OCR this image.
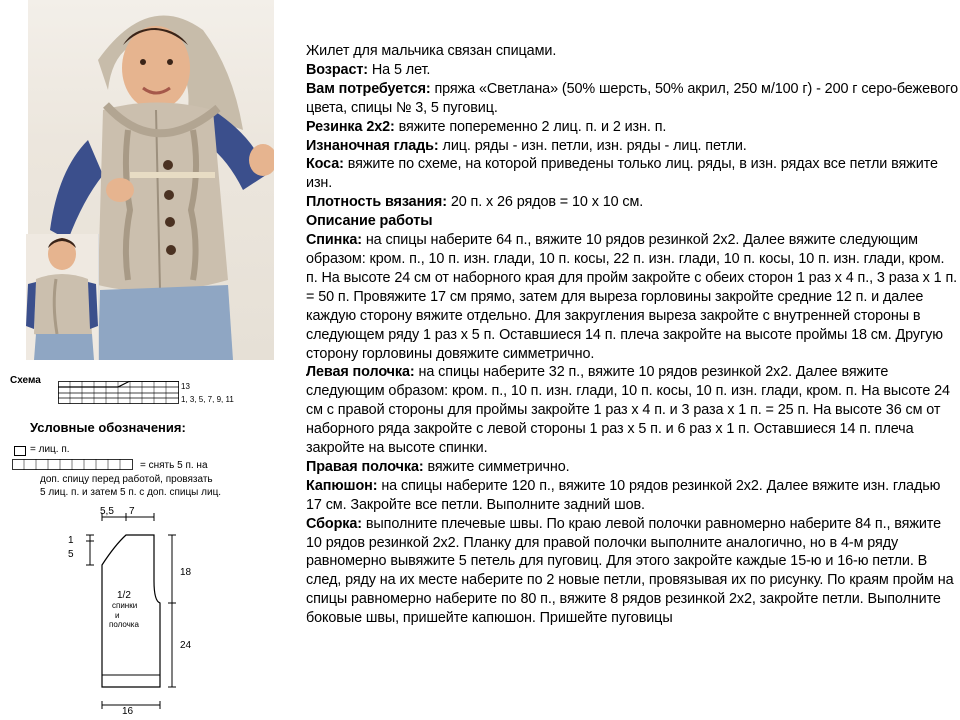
Схема
13
1, 3, 5, 7, 9, 11
Условные обозначения:
= лиц. п.
= снять 5 п. на
доп. спицу перед работой, провязать
5 лиц. п. и затем 5 п. с доп. спицы лиц.
5,5 7
1
5
18
24
16
1/2
спинки
и
полочка

Жилет для мальчика связан спицами.

Возраст: На 5 лет.

Вам потребуется: пряжа «Светлана» (50% шерсть, 50% акрил, 250 м/100 г) - 200 г серо-бежевого цвета, спицы № 3, 5 пуговиц.

Резинка 2х2: вяжите попеременно 2 лиц. п. и 2 изн. п.

Изнаночная гладь: лиц. ряды - изн. петли, изн. ряды - лиц. петли.

Коса: вяжите по схеме, на которой приведены только лиц. ряды, в изн. рядах все петли вяжите изн.

Плотность вязания: 20 п. х 26 рядов = 10 х 10 см.

Описание работы

Спинка: на спицы наберите 64 п., вяжите 10 рядов резинкой 2х2. Далее вяжите следующим образом: кром. п., 10 п. изн. глади, 10 п. косы, 22 п. изн. глади, 10 п. косы, 10 п. изн. глади, кром. п. На высоте 24 см от наборного края для пройм закройте с обеих сторон 1 раз х 4 п., 3 раза х 1 п. = 50 п. Провяжите 17 см прямо, затем для выреза горловины закройте средние 12 п. и далее каждую сторону вяжите отдельно. Для закругления выреза закройте с внутренней стороны в следующем ряду 1 раз х 5 п. Оставшиеся 14 п. плеча закройте на высоте проймы 18 см. Другую сторону горловины довяжите симметрично.

Левая полочка: на спицы наберите 32 п., вяжите 10 рядов резинкой 2х2. Далее вяжите следующим образом: кром. п., 10 п. изн. глади, 10 п. косы, 10 п. изн. глади, кром. п. На высоте 24 см с правой стороны для проймы закройте 1 раз х 4 п. и 3 раза х 1 п. = 25 п. На высоте 36 см от наборного ряда закройте с левой стороны 1 раз х 5 п. и 6 раз х 1 п. Оставшиеся 14 п. плеча закройте на высоте спинки.

Правая полочка: вяжите симметрично.

Капюшон: на спицы наберите 120 п., вяжите 10 рядов резинкой 2х2. Далее вяжите изн. гладью 17 см. Закройте все петли. Выполните задний шов.

Сборка: выполните плечевые швы. По краю левой полочки равномерно наберите 84 п., вяжите 10 рядов резинкой 2х2. Планку для правой полочки выполните аналогично, но в 4-м ряду равномерно вывяжите 5 петель для пуговиц. Для этого закройте каждые 15-ю и 16-ю петли. В след, ряду на их месте наберите по 2 новые петли, провязывая их по рисунку. По краям пройм на спицы равномерно наберите по 80 п., вяжите 8 рядов резинкой 2х2, закройте петли. Выполните боковые швы, пришейте капюшон. Пришейте пуговицы
